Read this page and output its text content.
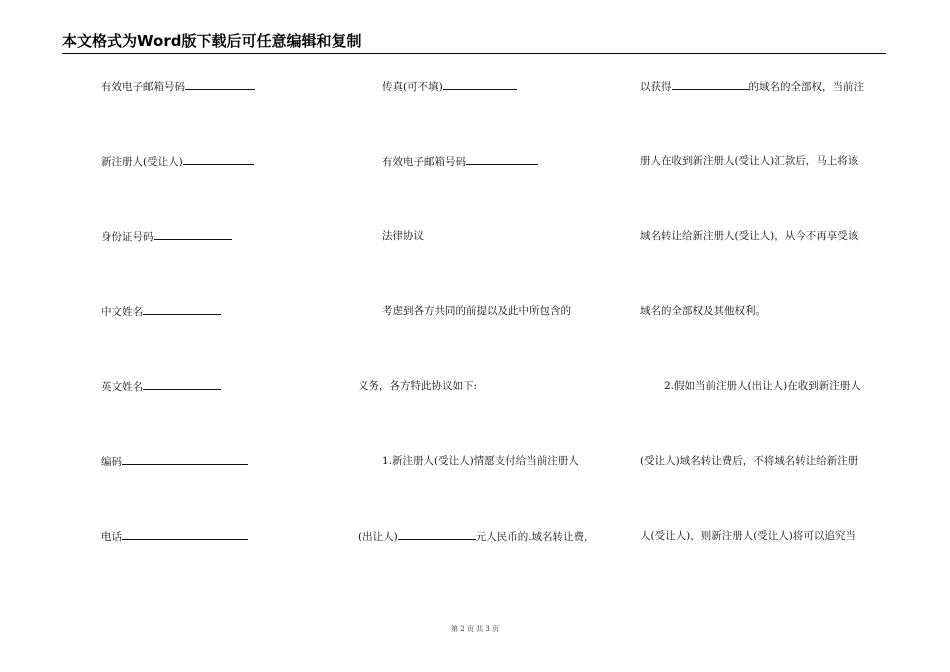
本文格式为Word版下载后可任意编辑和复制
有效电子邮箱号码
新注册人(受让人)
身份证号码
中文姓名
英文姓名
编码
电话
传真(可不填)
有效电子邮箱号码
法律协议
考虑到各方共同的前提以及此中所包含的
义务，各方特此协议如下:
1.新注册人(受让人)情愿支付给当前注册人
(出让人)	元人民币的.域名转让费，
以获得	的域名的全部权，当前注
册人在收到新注册人(受让人)汇款后，马上将该
域名转让给新注册人(受让人)，从今不再享受该
域名的全部权及其他权利。
2.假如当前注册人(出让人)在收到新注册人
(受让人)域名转让费后，不将域名转让给新注册
人(受让人)，则新注册人(受让人)将可以追究当
第 2 页 共 3 页
